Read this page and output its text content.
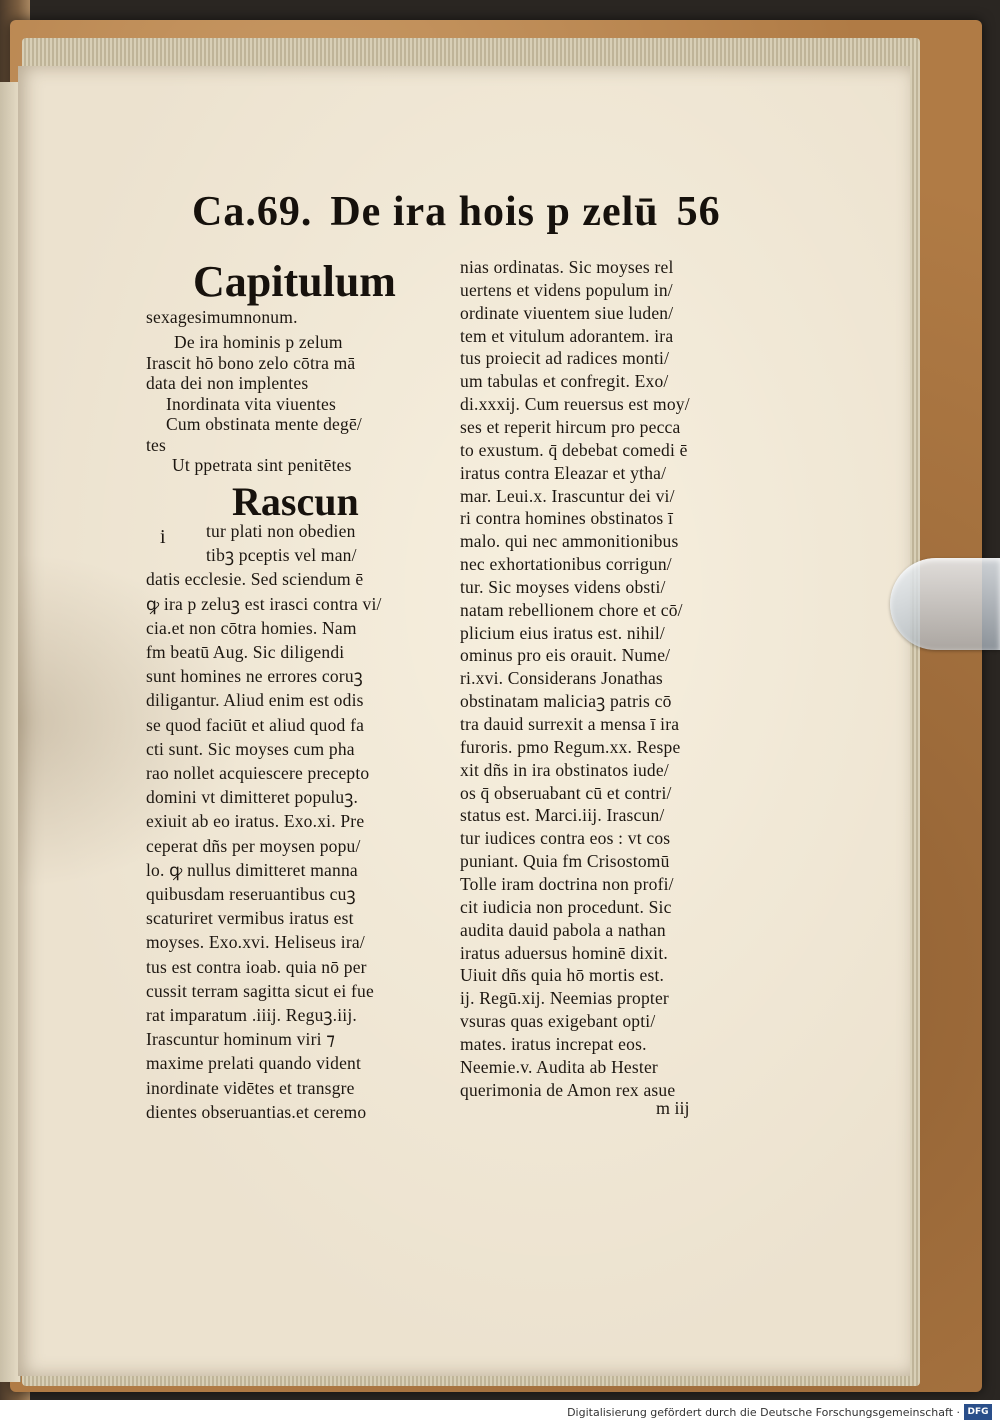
Ca.69. De ira hois p zelū 56
Capitulum
sexagesimumnonum.
De ira hominis p zelum
Irascit hō bono zelo cōtra mā
data dei non implentes
Inordinata vita viuentes
Cum obstinata mente degē/
tes
Ut ppetrata sint penitētes
Rascun
i tur plati non obedien
tibꝫ pceptis vel man/
datis ecclesie. Sed sciendum ē
ꝙ ira p zeluꝫ est irasci contra vi/
cia.et non cōtra homies. Nam
fm beatū Aug. Sic diligendi
sunt homines ne errores coruꝫ
diligantur. Aliud enim est odis
se quod faciūt et aliud quod fa
cti sunt. Sic moyses cum pha
rao nollet acquiescere precepto
domini vt dimitteret populuꝫ.
exiuit ab eo iratus. Exo.xi. Pre
ceperat dñs per moysen popu/
lo. ꝙ nullus dimitteret manna
quibusdam reseruantibus cuꝫ
scaturiret vermibus iratus est
moyses. Exo.xvi. Heliseus ira/
tus est contra ioab. quia nō per
cussit terram sagitta sicut ei fue
rat imparatum .iiij. Reguꝫ.iij.
Irascuntur hominum viri ⁊
maxime prelati quando vident
inordinate vidētes et transgre
dientes obseruantias.et ceremo
nias ordinatas. Sic moyses rel
uertens et videns populum in/
ordinate viuentem siue luden/
tem et vitulum adorantem. ira
tus proiecit ad radices monti/
um tabulas et confregit. Exo/
di.xxxij. Cum reuersus est moy/
ses et reperit hircum pro pecca
to exustum. q̄ debebat comedi ē
iratus contra Eleazar et ytha/
mar. Leui.x. Irascuntur dei vi/
ri contra homines obstinatos ī
malo. qui nec ammonitionibus
nec exhortationibus corrigun/
tur. Sic moyses videns obsti/
natam rebellionem chore et cō/
plicium eius iratus est. nihil/
ominus pro eis orauit. Nume/
ri.xvi. Considerans Jonathas
obstinatam maliciaꝫ patris cō
tra dauid surrexit a mensa ī ira
furoris. pmo Regum.xx. Respe
xit dñs in ira obstinatos iude/
os q̄ obseruabant cū et contri/
status est. Marci.iij. Irascun/
tur iudices contra eos : vt cos
puniant. Quia fm Crisostomū
Tolle iram doctrina non profi/
cit iudicia non procedunt. Sic
audita dauid pabola a nathan
iratus aduersus hominē dixit.
Uiuit dñs quia hō mortis est.
ij. Regū.xij. Neemias propter
vsuras quas exigebant opti/
mates. iratus increpat eos.
Neemie.v. Audita ab Hester
querimonia de Amon rex asue
m iij
Digitalisierung gefördert durch die Deutsche Forschungsgemeinschaft · DFG
